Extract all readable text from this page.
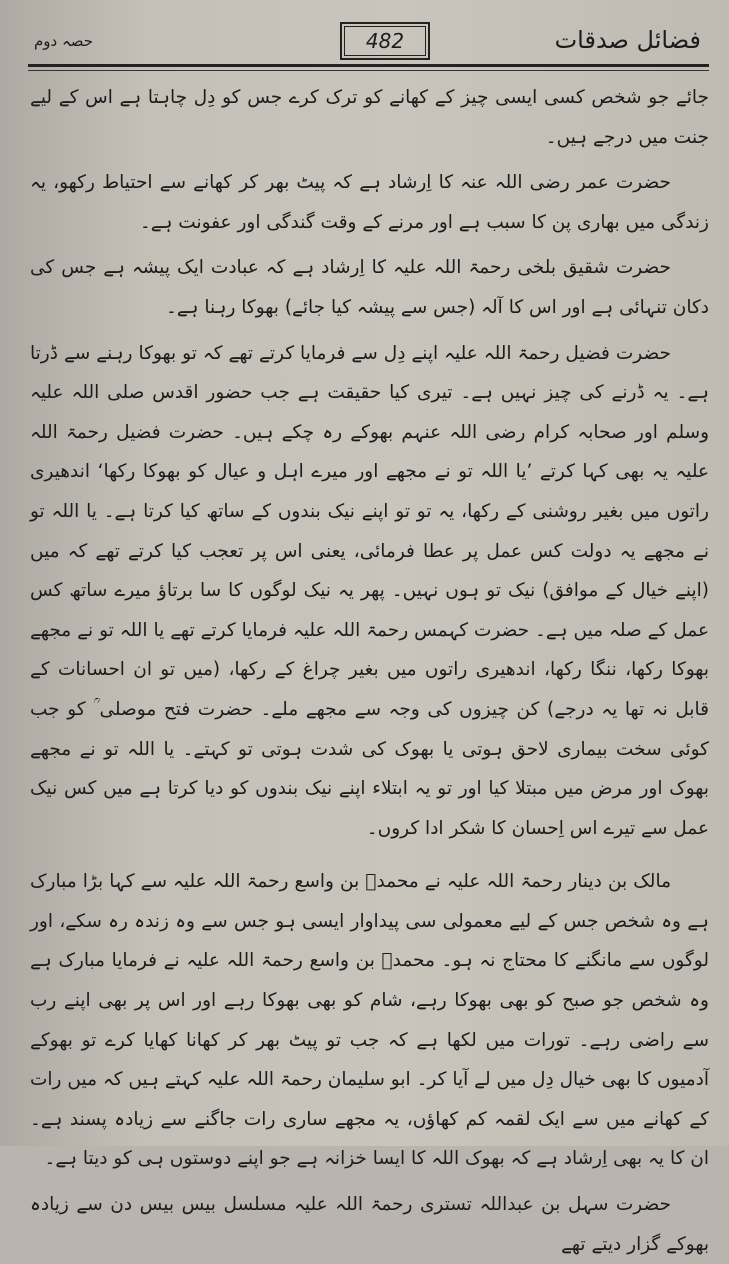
فضائل صدقات
482
حصہ دوم

جائے جو شخص کسی ایسی چیز کے کھانے کو ترک کرے جس کو دِل چاہتا ہے اس کے لیے جنت میں درجے ہیں۔

حضرت عمر رضی اللہ عنہ کا اِرشاد ہے کہ پیٹ بھر کر کھانے سے احتیاط رکھو، یہ زندگی میں بھاری پن کا سبب ہے اور مرنے کے وقت گندگی اور عفونت ہے۔

حضرت شقیق بلخی رحمۃ اللہ علیہ کا اِرشاد ہے کہ عبادت ایک پیشہ ہے جس کی دکان تنہائی ہے اور اس کا آلہ (جس سے پیشہ کیا جائے) بھوکا رہنا ہے۔

حضرت فضیل رحمۃ اللہ علیہ اپنے دِل سے فرمایا کرتے تھے کہ تو بھوکا رہنے سے ڈرتا ہے۔ یہ ڈرنے کی چیز نہیں ہے۔ تیری کیا حقیقت ہے جب حضور اقدس صلی اللہ علیہ وسلم اور صحابہ کرام رضی اللہ عنہم بھوکے رہ چکے ہیں۔ حضرت فضیل رحمۃ اللہ علیہ یہ بھی کہا کرتے ’یا اللہ تو نے مجھے اور میرے اہل و عیال کو بھوکا رکھا‘ اندھیری راتوں میں بغیر روشنی کے رکھا، یہ تو تو اپنے نیک بندوں کے ساتھ کیا کرتا ہے۔ یا اللہ تو نے مجھے یہ دولت کس عمل پر عطا فرمائی، یعنی اس پر تعجب کیا کرتے تھے کہ میں (اپنے خیال کے موافق) نیک تو ہوں نہیں۔ پھر یہ نیک لوگوں کا سا برتاؤ میرے ساتھ کس عمل کے صلہ میں ہے۔ حضرت کہمس رحمۃ اللہ علیہ فرمایا کرتے تھے یا اللہ تو نے مجھے بھوکا رکھا، ننگا رکھا، اندھیری راتوں میں بغیر چراغ کے رکھا، (میں تو ان احسانات کے قابل نہ تھا یہ درجے) کن چیزوں کی وجہ سے مجھے ملے۔ حضرت فتح موصلی ؒ کو جب کوئی سخت بیماری لاحق ہوتی یا بھوک کی شدت ہوتی تو کہتے۔ یا اللہ تو نے مجھے بھوک اور مرض میں مبتلا کیا اور تو یہ ابتلاء اپنے نیک بندوں کو دیا کرتا ہے میں کس نیک عمل سے تیرے اس اِحسان کا شکر ادا کروں۔

مالک بن دینار رحمۃ اللہ علیہ نے محمدؒ بن واسع رحمۃ اللہ علیہ سے کہا بڑا مبارک ہے وہ شخص جس کے لیے معمولی سی پیداوار ایسی ہو جس سے وہ زندہ رہ سکے، اور لوگوں سے مانگنے کا محتاج نہ ہو۔ محمدؒ بن واسع رحمۃ اللہ علیہ نے فرمایا مبارک ہے وہ شخص جو صبح کو بھی بھوکا رہے، شام کو بھی بھوکا رہے اور اس پر بھی اپنے رب سے راضی رہے۔ تورات میں لکھا ہے کہ جب تو پیٹ بھر کر کھانا کھایا کرے تو بھوکے آدمیوں کا بھی خیال دِل میں لے آیا کر۔ ابو سلیمان رحمۃ اللہ علیہ کہتے ہیں کہ میں رات کے کھانے میں سے ایک لقمہ کم کھاؤں، یہ مجھے ساری رات جاگنے سے زیادہ پسند ہے۔ ان کا یہ بھی اِرشاد ہے کہ بھوک اللہ کا ایسا خزانہ ہے جو اپنے دوستوں ہی کو دیتا ہے۔

حضرت سہل بن عبداللہ تستری رحمۃ اللہ علیہ مسلسل بیس بیس دن سے زیادہ بھوکے گزار دیتے تھے
